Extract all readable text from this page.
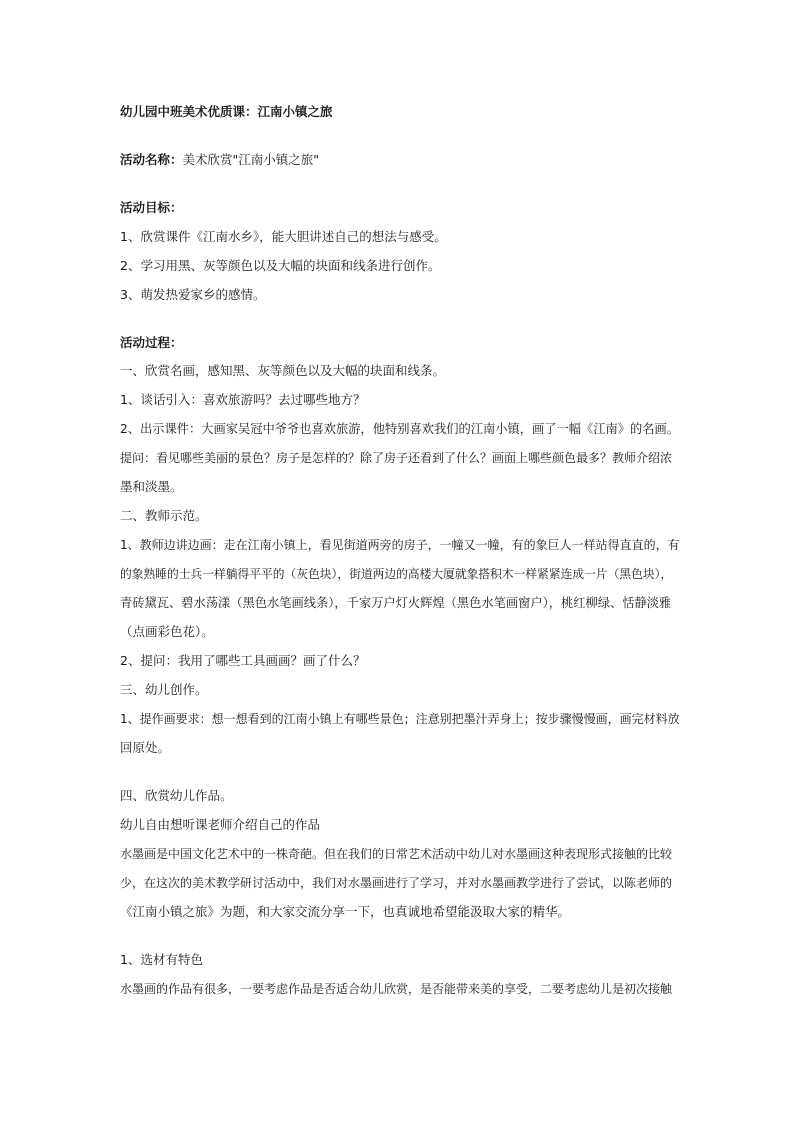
幼儿园中班美术优质课：江南小镇之旅
活动名称：美术欣赏"江南小镇之旅"
活动目标：
1、欣赏课件《江南水乡》，能大胆讲述自己的想法与感受。
2、学习用黑、灰等颜色以及大幅的块面和线条进行创作。
3、萌发热爱家乡的感情。
活动过程：
一、欣赏名画，感知黑、灰等颜色以及大幅的块面和线条。
1、谈话引入：喜欢旅游吗？去过哪些地方？
2、出示课件：大画家吴冠中爷爷也喜欢旅游，他特别喜欢我们的江南小镇，画了一幅《江南》的名画。
提问：看见哪些美丽的景色？房子是怎样的？除了房子还看到了什么？画面上哪些颜色最多？教师介绍浓
墨和淡墨。
二、教师示范。
1、教师边讲边画：走在江南小镇上，看见街道两旁的房子，一幢又一幢，有的象巨人一样站得直直的，有
的象熟睡的士兵一样躺得平平的（灰色块），街道两边的高楼大厦就象搭积木一样紧紧连成一片（黑色块），
青砖黛瓦、碧水荡漾（黑色水笔画线条），千家万户灯火辉煌（黑色水笔画窗户），桃红柳绿、恬静淡雅
（点画彩色花）。
2、提问：我用了哪些工具画画？画了什么？
三、幼儿创作。
1、提作画要求：想一想看到的江南小镇上有哪些景色；注意别把墨汁弄身上；按步骤慢慢画，画完材料放
回原处。
四、欣赏幼儿作品。
幼儿自由想听课老师介绍自己的作品
水墨画是中国文化艺术中的一株奇葩。但在我们的日常艺术活动中幼儿对水墨画这种表现形式接触的比较
少，在这次的美术教学研讨活动中，我们对水墨画进行了学习，并对水墨画教学进行了尝试，以陈老师的
《江南小镇之旅》为题，和大家交流分享一下，也真诚地希望能汲取大家的精华。
1、选材有特色
水墨画的作品有很多，一要考虑作品是否适合幼儿欣赏，是否能带来美的享受，二要考虑幼儿是初次接触
